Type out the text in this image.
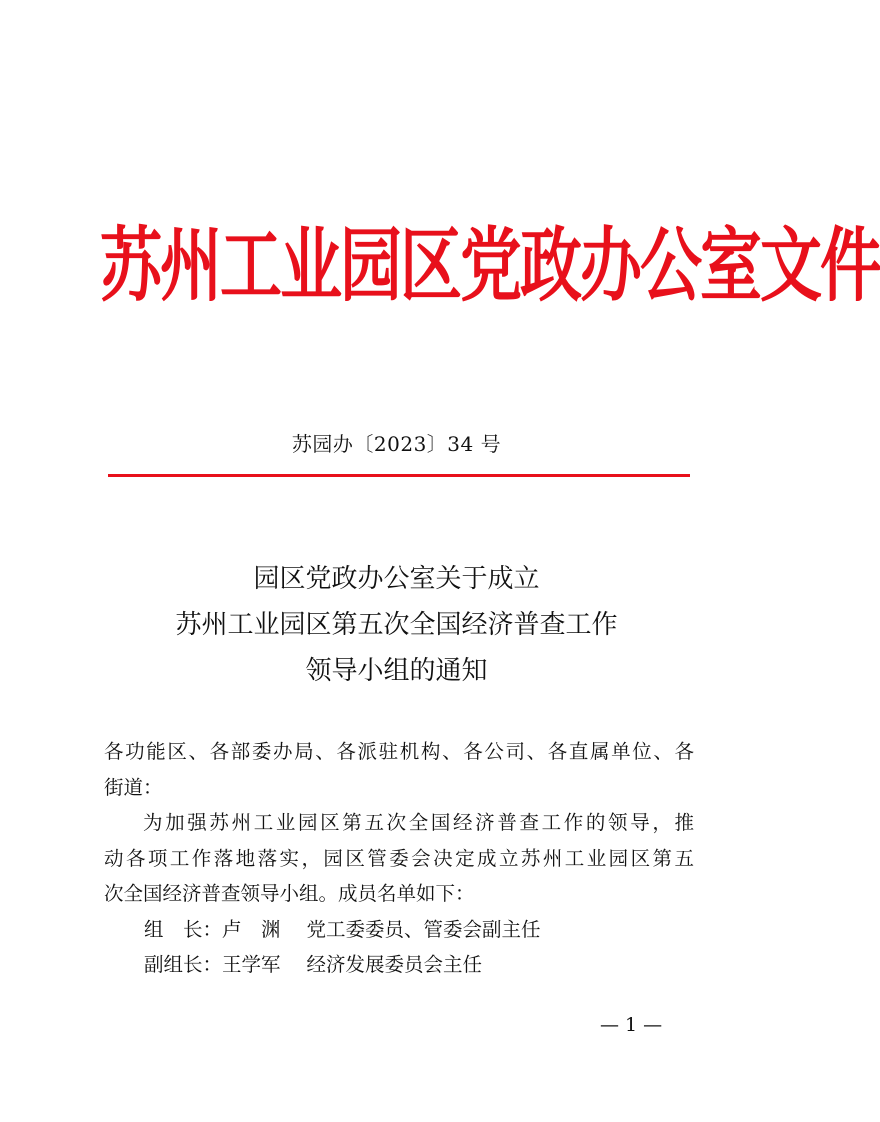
苏州工业园区党政办公室文件
苏园办〔2023〕34 号
园区党政办公室关于成立
苏州工业园区第五次全国经济普查工作
领导小组的通知

各功能区、各部委办局、各派驻机构、各公司、各直属单位、各

街道：

为加强苏州工业园区第五次全国经济普查工作的领导，推

动各项工作落地落实，园区管委会决定成立苏州工业园区第五

次全国经济普查领导小组。成员名单如下：

组　长：卢　渊 党工委委员、管委会副主任

副组长：王学军 经济发展委员会主任

— 1 —
